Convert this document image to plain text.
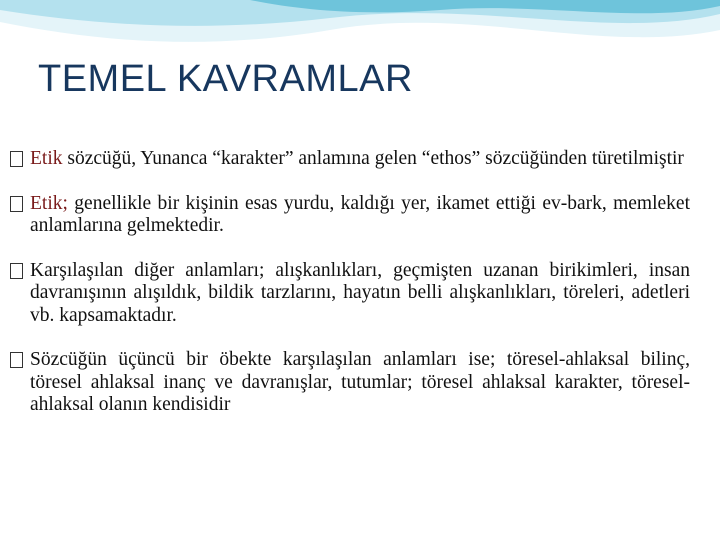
TEMEL KAVRAMLAR

Etik sözcüğü, Yunanca “karakter” anlamına gelen “ethos” sözcüğünden türetilmiştir

Etik; genellikle bir kişinin esas yurdu, kaldığı yer, ikamet ettiği ev-bark, memleket anlamlarına gelmektedir.

Karşılaşılan diğer anlamları; alışkanlıkları, geçmişten uzanan birikimleri, insan davranışının alışıldık, bildik tarzlarını, hayatın belli alışkanlıkları, töreleri, adetleri vb. kapsamaktadır.

Sözcüğün üçüncü bir öbekte karşılaşılan anlamları ise; töresel-ahlaksal bilinç, töresel ahlaksal inanç ve davranışlar, tutumlar; töresel ahlaksal karakter, töresel-ahlaksal olanın kendisidir
